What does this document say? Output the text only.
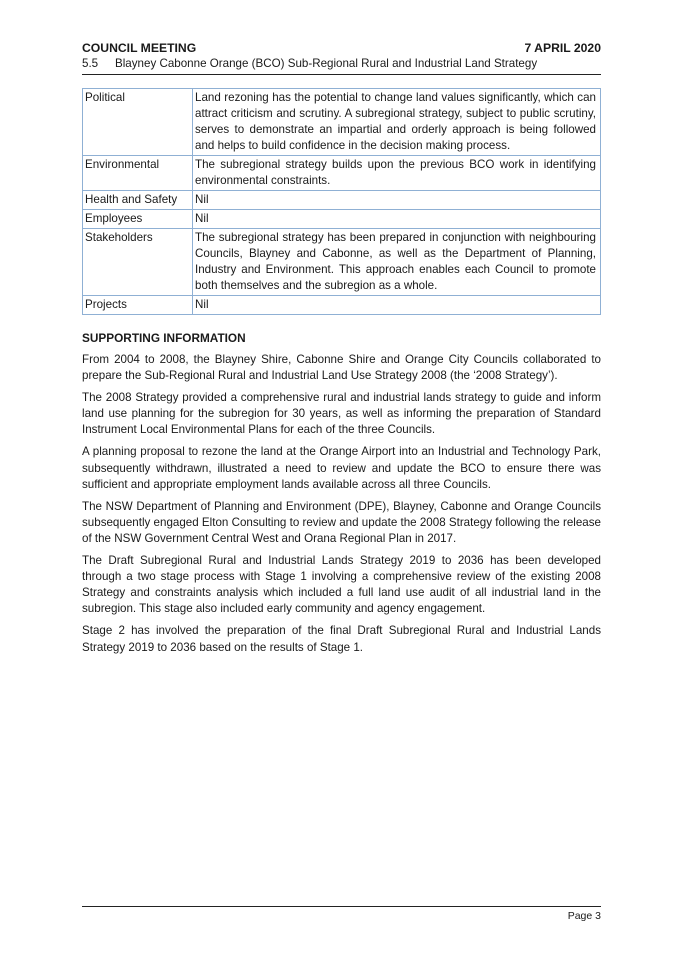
COUNCIL MEETING	7 APRIL 2020
5.5 Blayney Cabonne Orange (BCO) Sub-Regional Rural and Industrial Land Strategy
Political	Land rezoning has the potential to change land values significantly, which can attract criticism and scrutiny. A subregional strategy, subject to public scrutiny, serves to demonstrate an impartial and orderly approach is being followed and helps to build confidence in the decision making process.
Environmental	The subregional strategy builds upon the previous BCO work in identifying environmental constraints.
Health and Safety	Nil
Employees	Nil
Stakeholders	The subregional strategy has been prepared in conjunction with neighbouring Councils, Blayney and Cabonne, as well as the Department of Planning, Industry and Environment. This approach enables each Council to promote both themselves and the subregion as a whole.
Projects	Nil
SUPPORTING INFORMATION

From 2004 to 2008, the Blayney Shire, Cabonne Shire and Orange City Councils collaborated to prepare the Sub-Regional Rural and Industrial Land Use Strategy 2008 (the ‘2008 Strategy’).

The 2008 Strategy provided a comprehensive rural and industrial lands strategy to guide and inform land use planning for the subregion for 30 years, as well as informing the preparation of Standard Instrument Local Environmental Plans for each of the three Councils.

A planning proposal to rezone the land at the Orange Airport into an Industrial and Technology Park, subsequently withdrawn, illustrated a need to review and update the BCO to ensure there was sufficient and appropriate employment lands available across all three Councils.

The NSW Department of Planning and Environment (DPE), Blayney, Cabonne and Orange Councils subsequently engaged Elton Consulting to review and update the 2008 Strategy following the release of the NSW Government Central West and Orana Regional Plan in 2017.

The Draft Subregional Rural and Industrial Lands Strategy 2019 to 2036 has been developed through a two stage process with Stage 1 involving a comprehensive review of the existing 2008 Strategy and constraints analysis which included a full land use audit of all industrial land in the subregion. This stage also included early community and agency engagement.

Stage 2 has involved the preparation of the final Draft Subregional Rural and Industrial Lands Strategy 2019 to 2036 based on the results of Stage 1.

Page 3
